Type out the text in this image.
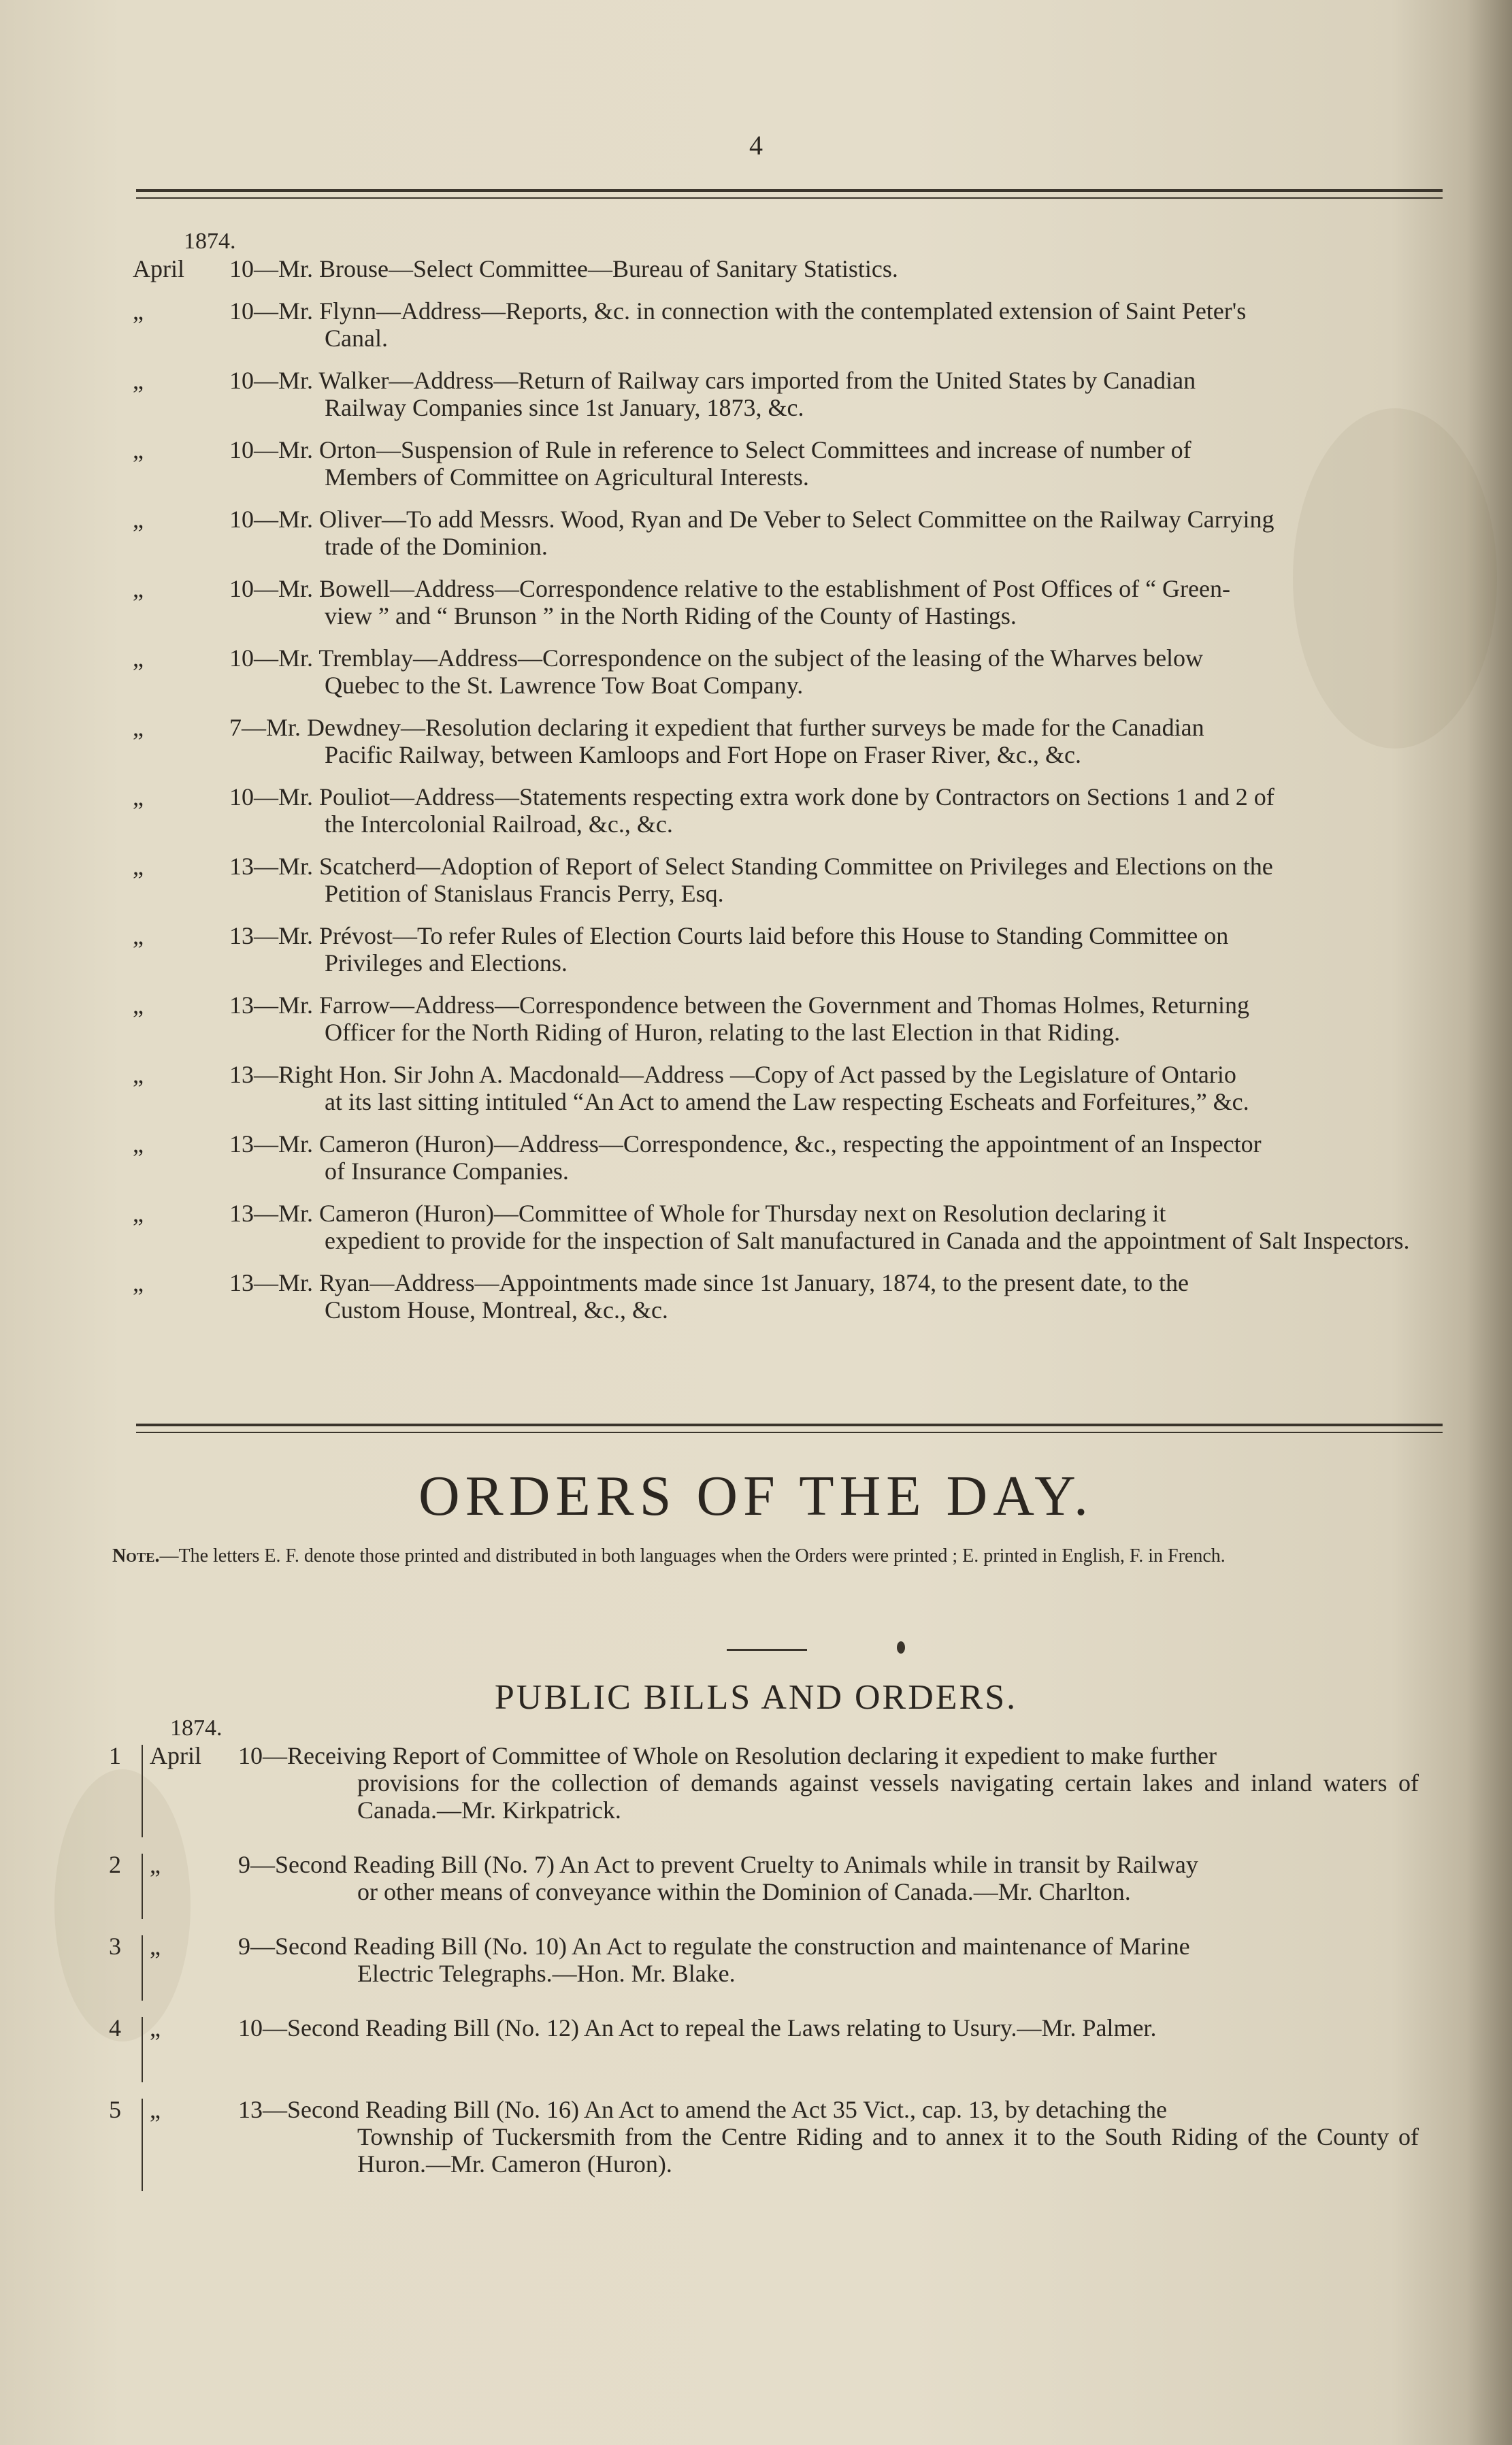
4
1874.
April	10—Mr. Brouse—Select Committee—Bureau of Sanitary Statistics.
„	10—Mr. Flynn—Address—Reports, &c. in connection with the contemplated extension of Saint Peter's
Canal.
„	10—Mr. Walker—Address—Return of Railway cars imported from the United States by Canadian
Railway Companies since 1st January, 1873, &c.
„	10—Mr. Orton—Suspension of Rule in reference to Select Committees and increase of number of
Members of Committee on Agricultural Interests.
„	10—Mr. Oliver—To add Messrs. Wood, Ryan and De Veber to Select Committee on the Railway Carrying
trade of the Dominion.
„	10—Mr. Bowell—Address—Correspondence relative to the establishment of Post Offices of “ Green-
view ” and “ Brunson ” in the North Riding of the County of Hastings.
„	10—Mr. Tremblay—Address—Correspondence on the subject of the leasing of the Wharves below
Quebec to the St. Lawrence Tow Boat Company.
„	7—Mr. Dewdney—Resolution declaring it expedient that further surveys be made for the Canadian
Pacific Railway, between Kamloops and Fort Hope on Fraser River, &c., &c.
„	10—Mr. Pouliot—Address—Statements respecting extra work done by Contractors on Sections 1 and 2 of
the Intercolonial Railroad, &c., &c.
„	13—Mr. Scatcherd—Adoption of Report of Select Standing Committee on Privileges and Elections on the
Petition of Stanislaus Francis Perry, Esq.
„	13—Mr. Prévost—To refer Rules of Election Courts laid before this House to Standing Committee on
Privileges and Elections.
„	13—Mr. Farrow—Address—Correspondence between the Government and Thomas Holmes, Returning
Officer for the North Riding of Huron, relating to the last Election in that Riding.
„	13—Right Hon. Sir John A. Macdonald—Address —Copy of Act passed by the Legislature of Ontario
at its last sitting intituled “An Act to amend the Law respecting Escheats and Forfeitures,” &c.
„	13—Mr. Cameron (Huron)—Address—Correspondence, &c., respecting the appointment of an Inspector
of Insurance Companies.
„	13—Mr. Cameron (Huron)—Committee of Whole for Thursday next on Resolution declaring it
expedient to provide for the inspection of Salt manufactured in Canada and the appointment of Salt Inspectors.
„	13—Mr. Ryan—Address—Appointments made since 1st January, 1874, to the present date, to the
Custom House, Montreal, &c., &c.
ORDERS OF THE DAY.
Note.—The letters E. F. denote those printed and distributed in both languages when the Orders were printed ; E. printed in English, F. in French.
PUBLIC BILLS AND ORDERS.
1874.
1	April	10—Receiving Report of Committee of Whole on Resolution declaring it expedient to make further
provisions for the collection of demands against vessels navigating certain lakes and inland waters of Canada.—Mr. Kirkpatrick.
2	„	9—Second Reading Bill (No. 7) An Act to prevent Cruelty to Animals while in transit by Railway
or other means of conveyance within the Dominion of Canada.—Mr. Charlton.
3	„	9—Second Reading Bill (No. 10) An Act to regulate the construction and maintenance of Marine
Electric Telegraphs.—Hon. Mr. Blake.
4	„	10—Second Reading Bill (No. 12) An Act to repeal the Laws relating to Usury.—Mr. Palmer.
5	„	13—Second Reading Bill (No. 16) An Act to amend the Act 35 Vict., cap. 13, by detaching the
Township of Tuckersmith from the Centre Riding and to annex it to the South Riding of the County of Huron.—Mr. Cameron (Huron).
